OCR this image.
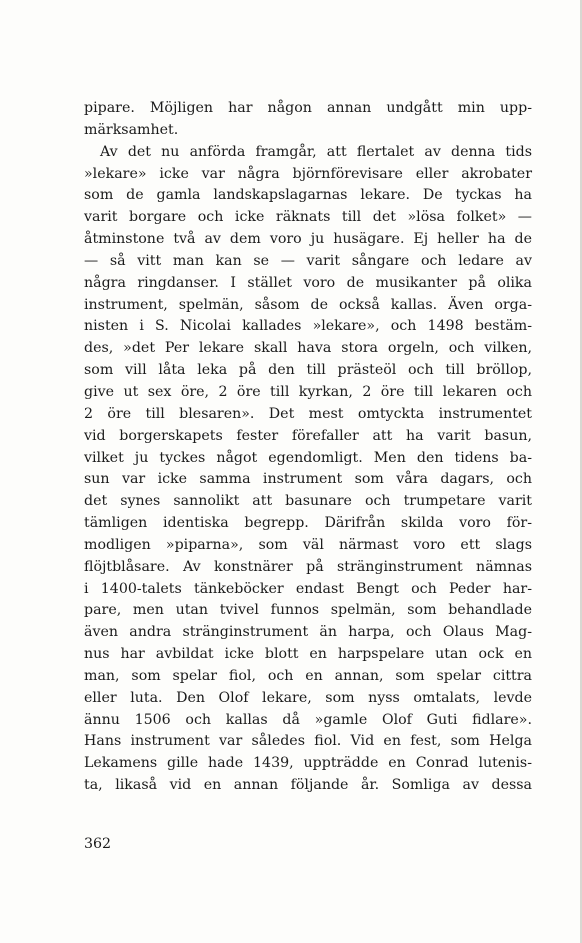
pipare. Möjligen har någon annan undgått min upp-
märksamhet.
Av det nu anförda framgår, att flertalet av denna tids
»lekare» icke var några björnförevisare eller akrobater
som de gamla landskapslagarnas lekare. De tyckas ha
varit borgare och icke räknats till det »lösa folket» —
åtminstone två av dem voro ju husägare. Ej heller ha de
— så vitt man kan se — varit sångare och ledare av
några ringdanser. I stället voro de musikanter på olika
instrument, spelmän, såsom de också kallas. Även orga-
nisten i S. Nicolai kallades »lekare», och 1498 bestäm-
des, »det Per lekare skall hava stora orgeln, och vilken,
som vill låta leka på den till prästeöl och till bröllop,
give ut sex öre, 2 öre till kyrkan, 2 öre till lekaren och
2 öre till blesaren». Det mest omtyckta instrumentet
vid borgerskapets fester förefaller att ha varit basun,
vilket ju tyckes något egendomligt. Men den tidens ba-
sun var icke samma instrument som våra dagars, och
det synes sannolikt att basunare och trumpetare varit
tämligen identiska begrepp. Därifrån skilda voro för-
modligen »piparna», som väl närmast voro ett slags
flöjtblåsare. Av konstnärer på stränginstrument nämnas
i 1400-talets tänkeböcker endast Bengt och Peder har-
pare, men utan tvivel funnos spelmän, som behandlade
även andra stränginstrument än harpa, och Olaus Mag-
nus har avbildat icke blott en harpspelare utan ock en
man, som spelar fiol, och en annan, som spelar cittra
eller luta. Den Olof lekare, som nyss omtalats, levde
ännu 1506 och kallas då »gamle Olof Guti fidlare».
Hans instrument var således fiol. Vid en fest, som Helga
Lekamens gille hade 1439, uppträdde en Conrad lutenis-
ta, likaså vid en annan följande år. Somliga av dessa
362
